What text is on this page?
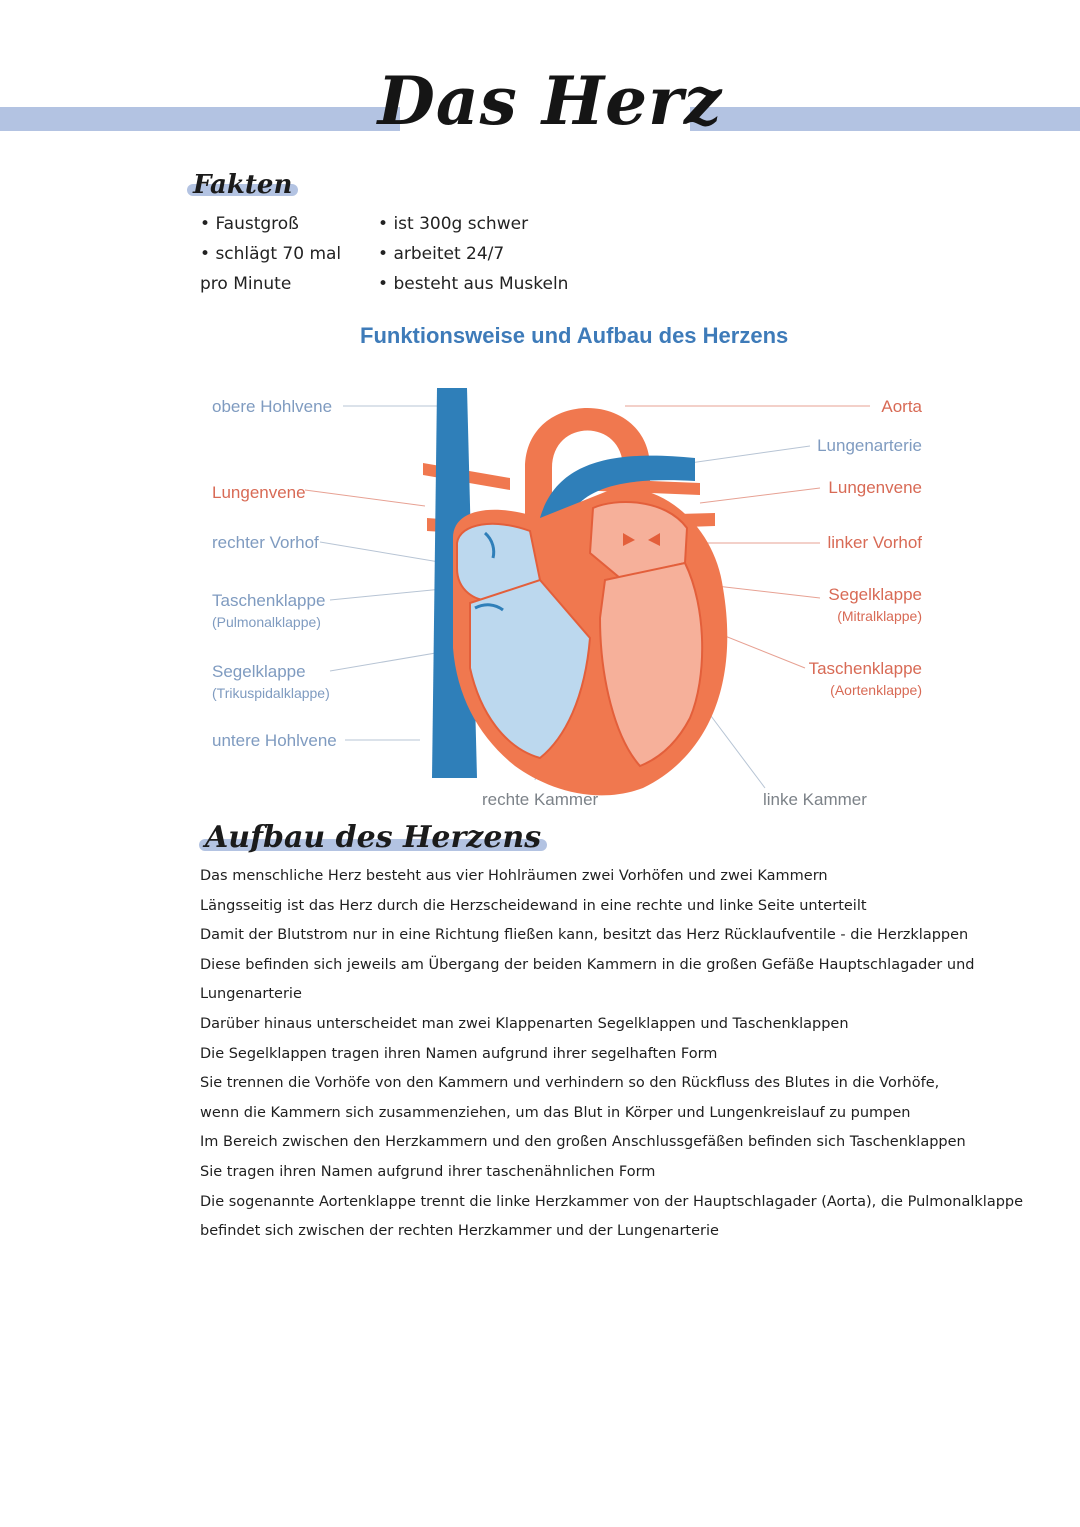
Das Herz
Fakten
• Faustgroß
• schlägt 70 mal
pro Minute
• ist 300g schwer
• arbeitet 24/7
• besteht aus Muskeln
Funktionsweise und Aufbau des Herzens
obere Hohlvene
Lungenvene
rechter Vorhof
Taschenklappe
(Pulmonalklappe)
Segelklappe
(Trikuspidalklappe)
untere Hohlvene
rechte Kammer
Aorta
Lungenarterie
Lungenvene
linker Vorhof
Segelklappe
(Mitralklappe)
Taschenklappe
(Aortenklappe)
linke Kammer
Aufbau des Herzens
Das menschliche Herz besteht aus vier Hohlräumen zwei Vorhöfen und zwei Kammern
Längsseitig ist das Herz durch die Herzscheidewand in eine rechte und linke Seite unterteilt
Damit der Blutstrom nur in eine Richtung fließen kann, besitzt das Herz Rücklaufventile - die Herzklappen
Diese befinden sich jeweils am Übergang der beiden Kammern in die großen Gefäße Hauptschlagader und
Lungenarterie
Darüber hinaus unterscheidet man zwei Klappenarten Segelklappen und Taschenklappen
Die Segelklappen tragen ihren Namen aufgrund ihrer segelhaften Form
Sie trennen die Vorhöfe von den Kammern und verhindern so den Rückfluss des Blutes in die Vorhöfe,
wenn die Kammern sich zusammenziehen, um das Blut in Körper und Lungenkreislauf zu pumpen
Im Bereich zwischen den Herzkammern und den großen Anschlussgefäßen befinden sich Taschenklappen
Sie tragen ihren Namen aufgrund ihrer taschenähnlichen Form
Die sogenannte Aortenklappe trennt die linke Herzkammer von der Hauptschlagader (Aorta), die Pulmonalklappe
befindet sich zwischen der rechten Herzkammer und der Lungenarterie
